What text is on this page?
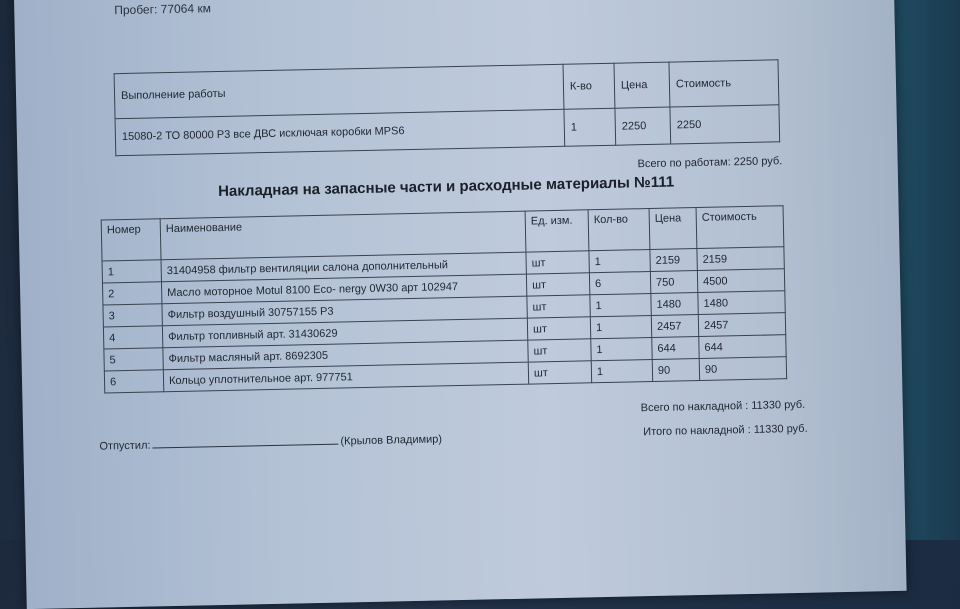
Пробег: 77064 км
Выполнение работы	К-во	Цена	Стоимость
15080-2 ТО 80000 Р3 все ДВС исключая коробки MPS6	1	2250	2250
Всего по работам: 2250 руб.
Накладная на запасные части и расходные материалы №111
Номер	Наименование	Ед. изм.	Кол-во	Цена	Стоимость
1	31404958 фильтр вентиляции салона дополнительный	шт	1	2159	2159
2	Масло моторное Motul 8100 Eco- nergy 0W30 арт 102947	шт	6	750	4500
3	Фильтр воздушный 30757155 Р3	шт	1	1480	1480
4	Фильтр топливный арт. 31430629	шт	1	2457	2457
5	Фильтр масляный арт. 8692305	шт	1	644	644
6	Кольцо уплотнительное арт. 977751	шт	1	90	90
Всего по накладной : 11330 руб.
Итого по накладной : 11330 руб.
Отпустил:	(Крылов Владимир)
